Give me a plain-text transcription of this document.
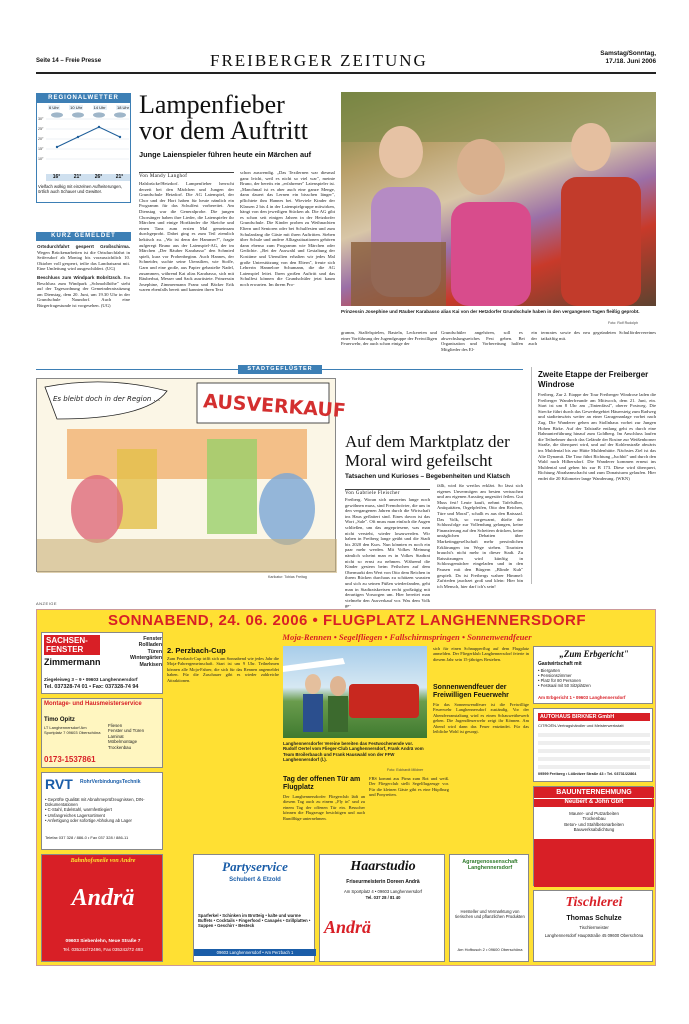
Seite 14 – Freie Presse	FREIBERGER ZEITUNG	Samstag/Sonntag, 17./18. Juni 2006
REGIONALWETTER
6 Uhr	10 Uhr	14 Uhr	18 Uhr
30°
25°
20°
15°
10°
16°	21°	26°	21°
Vielfach wolkig mit einzelnen Aufheiterungen, örtlich auch Schauer und Gewitter.
KURZ GEMELDET

Ortsdurchfahrt gesperrt Großschirma. Wegen Brückenarbeiten ist die Ortsdurchfahrt in Seifersdorf ab Montag bis voraussichtlich 10. Oktober voll gesperrt, teilte das Landratsamt mit. Eine Umleitung wird ausgeschildert. (UG)

Beschluss zum Windpark Bobritzsch. Ein Beschluss zum Windpark „Schmohlhöhe" steht auf der Tagesordnung der Gemeinderatssitzung am Dienstag, dem 20. Juni, um 19.30 Uhr in der Grundschule Naundorf. Auch eine Bürgerfragestunde ist vorgesehen. (UG)

Lampenfieber
vor dem Auftritt
Junge Laienspieler führen heute ein Märchen auf
Von Mandy Langhof

Halsbrücke/Hetzdorf. Lampenfieber herrscht derzeit bei den Mädchen und Jungen der Grundschule Hetzdorf. Die AG Laienspiel, der Chor und der Hort haben für heute nämlich ein Programm für das Schulfest vorbereitet. Am Dienstag war die Generalprobe. Die jungen Chorsänger haben ihre Lieder, die Laienspieler ihr Märchen und einige Hortkinder die Sketche und einen Tanz zum ersten Mal gemeinsam durchgeprobt. Dabei ging es zum Teil ziemlich hektisch zu. „Wo ist denn der Hammer?", fragte aufgeregt Bruno aus der Laienspiel-AG, der im Märchen „Der Räuber Karabasso" den Schmied spielt, kurz vor Probenbeginn. Auch Hannes, der Schneider, suchte seine Utensilien, wie Stoffe, Garn und eine große, aus Papier gebastelte Nadel, zusammen, während Kai alias Karabasso, sich mit Räuberhut, Messer und Sack ausrüstete. Prinzessin Josephine, Zimmermann Franz und Bäcker Erik waren ebenfalls bereit und kannten ihren Text

schon auswendig. „Das Textlernen war diesmal ganz leicht, weil es nicht so viel war", meinte Bruno, der bereits ein „erfahrener" Laienspieler ist. „Manchmal ist es aber auch eine ganze Menge, dann dauert das Lernen ein bisschen länger", pflichtete ihm Hannes bei. Wieviele Kinder der Klassen 2 bis 4 in der Laienspielgruppe mitwirken, hängt von den jeweiligen Stücken ab. Die AG gibt es schon seit einigen Jahren in der Hetzdorfer Grundschule. Die Kinder proben zu Weihnachten Eltern und Senioren oder bei Schulfesten und zum Schulanfang die Gäste mit ihren Auftritten. Sieben über Schule und andere Alltagssituationen gehören dann ebenso zum Programm wie Märchen oder Gedichte. „Bei der Auswahl und Gestaltung der Kostüme und Utensilien erhalten wir jedes Mal große Unterstützung von den Eltern", freute sich Lehrerin Hannelore Schumann, die die AG Laienspiel leitet. Ihren großen Auftritt und das Schulfest können die Grundschüler jetzt kaum noch erwarten. Im ihrem Pro-

gramm, Staffelspielen, Basteln, Leckereien und einer Vorführung der Jugendgruppe der Freiwilligen Feuerwehr, der auch schon einige der

Grundschüler angehören, soll es ein abwechslungsreiches Fest geben. Bei der Organisation und Vorbereitung halfen auch Mitglieder des El-

ternrates sowie des neu gegründeten Schulfördervereines tatkräftig mit.

Prinzessin Josephine und Räuber Karabasso alias Kai von der Hetzdorfer Grundschule haben in den vergangenen Tagen fleißig geprobt.
Foto: Rolf Rudolph
STADTGEFLÜSTER
Es bleibt doch in der Region … AUSVERKAUF
Karikatur: Tobias Freitag
Auf dem Marktplatz der
Moral wird gefeilscht
Tatsachen und Kurioses – Begebenheiten und Klatsch
Von Gabriele Fleischer

Freiberg. Woran sich unsereins lange noch gewöhnen muss, sind Fremdwörter, die uns in den vergangenen Jahren durch die Wirtschaft ins Haus geflattert sind. Eines davon ist das Wort „Sale". Oft muss man einfach die Augen schließen, um das angepriesene, was man nicht versteht, wieder loszuwerden. Wir haben in Freiberg lange geübt und die Stadt bis 2020 den Kurs. Nun könnten es noch ein paar mehr werden. Mit Volkes Meinung nämlich scheint man es in Volkes Stadtrat nicht so ernst zu nehmen. Während die Kinder gestern beim Feilschen auf dem Obermarkt den Wert von Otto dem Reichen in ihrem Rücken durchaus zu schätzen wussten und sich zu seinen Füßen wiederfanden, geht man in Stadtratskreisen recht großzügig mit derartigen Vorsorgen um. Hier bereitet man vielmehr den Ausverkauf vor. Was dem Volk ge-

fällt, wird für wertlos erklärt. So lässt sich eigenes Unvermögen am besten vertuschen und am eigenen Ausstieg ungestört feilen. Gut Muss fest! Leute kauft, nehmt Tafelsilber, Antiquitäten, Orgelpfeifen, Otto den Reichen, Türe und Moral", schallt es aus den Ratssaal. Das Volk, so vorgewarnt, dürfte der Schlussfolge zur Vollendung gelangen, keine Finanzierung auf den Scheitern drücken, keine unsäglichen Debatten über Marketinggesellschaft mehr persönlichen Erklärungen im Wege stehen. Touristen braucht's nicht mehr in dieser Stadt. Zu Ratssitzungen wird künftig in Schlossgemächer eingeladen und in den Pausen mit den Bürgern „Blinde Kuh" gespielt. Da ist Freibergs wahrer Himmel: Zufrieden jauchzet groß und klein: Hier bin ich Mensch, hier darf ich's sein!

Zweite Etappe der Freiberger Windrose

Freiberg. Zur 2. Etappe der Tour Freiberger Windrose laden die Freiberger Wanderfreunde am Mittwoch, dem 21. Juni, ein. Start ist um 8 Uhr am „Tintenfässl", oberer Postweg. Die Strecke führt durch das Gewerbegebiet Häuersteig zum Radweg und stadteinwärts weiter an einer Garagenanlage vorbei nach Zug. Die Wanderer gehen am Stollnhaus vorbei zur Jungen Hohen Birke. Auf der Talstraße entlang geht es durch eine Bahnunterführung hinauf zum Goldberg. Im Anschluss laufen die Teilnehmer durch das Gelände der Rosine zur Weißenborner Straße, die überquert wird, und auf der Kohlenstraße abwärts ins Muldental bis zur Hütte Muldenhütte. Nächstes Ziel ist das Alte Dynamit. Die Tour führt Richtung „Juchhö" und durch den Wald nach Hilbersdorf. Die Wanderer kommen erneut ins Muldental und gehen bis zur B 173. Diese wird überquert, Richtung Abrahamschacht und zum Donatsturm gelaufen. Hier endet die 20 Kilometer lange Wanderung. (WKN)

ANZEIGE
SONNABEND, 24. 06. 2006 • FLUGPLATZ LANGHENNERSDORF
Moja-Rennen • Segelfliegen • Fallschirmspringen • Sonnenwendfeuer
SACHSEN-
FENSTER
Zimmermann
Fenster
Rollladen
Türen
Wintergärten
Markisen
Ziegeleiweg 3 – 9 • 09603 Langhennersdorf
Tel. 037328-74 01 • Fax: 037328-74 94
Montage- und Hausmeisterservice
Timo Opitz
LT Langhennersdorf Am Sportplatz 7 09603 Oberschöna
Fliesen
Fenster und Türen
Laminat
Möbelmontage
Trockenbau
0173-1537861
RVT RohrVerbindungsTechnik
• Gepröfte Qualität mit Abnahmeprüfzeugnissen, DIN-Dokumentationen
• C-Stahl, Edelstahl, warmfestlegiert
• Umfangreiches Lagersortiment
• Anfertigung oder sofortige Abholung ab Lager
Telefax 037 328 / 886-0 • Fax 037 328 / 886-11
Bahnhofsmeile von Andre
Andrä
09603 Siebenlehn, Neue Straße 7
Tel. 035242/72496, Fax 035242/72 493
2. Perzbach-Cup

Zum Perzbach-Cup trifft sich am Sonnabend wie jedes Jahr die Moja-Fahrergemeinschaft. Start ist um 9 Uhr. Teilnehmen können alle Moja-Fahrer, die sich für das Rennen angemeldet haben. Für die Zuschauer gibt es wieder zahlreiche Attraktionen.

Langhennersdorfer Vereine bereiten das Festwochenende vor. Rudolf Oertel vom Flieger-Club Langhennersdorf, Frank Andrä vom Team Broilerbauch und Frank Hauswald von der FFW Langhennersdorf (l.).
Foto: Eckhardt Mildner
Tag der offenen Tür am Flugplatz

Der Langhennersdorfer Fliegerclub lädt an diesem Tag auch zu einem „Fly in" und zu einem Tag der offenen Tür ein. Besucher können die Flugzeuge besichtigen und auch Rundflüge unternehmen.

FBS kommt aus Pirna zum Rot und weiß. Der Fliegerclub stellt Segelflugzeuge vor. Für die kleinen Gäste gibt es eine Hüpfburg und Ponyreiten.

sich für einen Schnupperflug auf dem Flugplatz anmelden. Der Fliegerklub Langhennersdorf feierte in diesem Jahr sein 15-jähriges Bestehen.

Sonnenwendfeuer der Freiwilligen Feuerwehr

Für das Sonnenwendfeuer ist die Freiwillige Feuerwehr Langhennersdorf zuständig. Vor der Abendveranstaltung wird es einen Schauwettbewerb geben. Die Jugendfeuerwehr zeigt ihr Können. Am Abend wird dann das Feuer entzündet. Für das leibliche Wohl ist gesorgt.

„Zum Erbgericht"
Gastwirtschaft mit
• Biergarten
• Pensionszimmer
• Platz für 80 Personen
• Festsaal mit 50 Sitzplätzen
Am Erbgericht 1 • 09603 Langhennersdorf
AUTOHAUS BIRKNER GmbH
CITROËN-Vertragshändler und Meisterwerkstatt
09599 Freiberg • Lößnitzer Straße 43 • Tel. 03731/22864
BAUUNTERNEHMUNG
Neubert & John GbR
Maurer- und Putzarbeiten
Trockenbau
Beton- und Stahlbetonarbeiten
Bauwerksabdichtung
Partyservice
Schubert & Etzold
Sparferkel • Schinken im Brotteig • kalte und warme Buffets • Cocktails • Fingerfood • Canapés • Grillplatten • Suppen • Geschirr • Besteck
09603 Langhennersdorf • Am Perzbach 1
Haarstudio
Friseurmeisterin Doreen Andrä
Am Sportplatz 4 • 09603 Langhennersdorf
Tel. 037 28 / 81 40
Andrä
Agrargenossenschaft Langhennersdorf
Hersteller und Vermarktung von tierischen und pflanzlichen Produkten
Am Hofbusch 2 • 09600 Oberschöna
Tischlerei
Thomas Schulze
Tischlermeister
Langhennersdorf Hauptstraße 45 09600 Oberschöna
